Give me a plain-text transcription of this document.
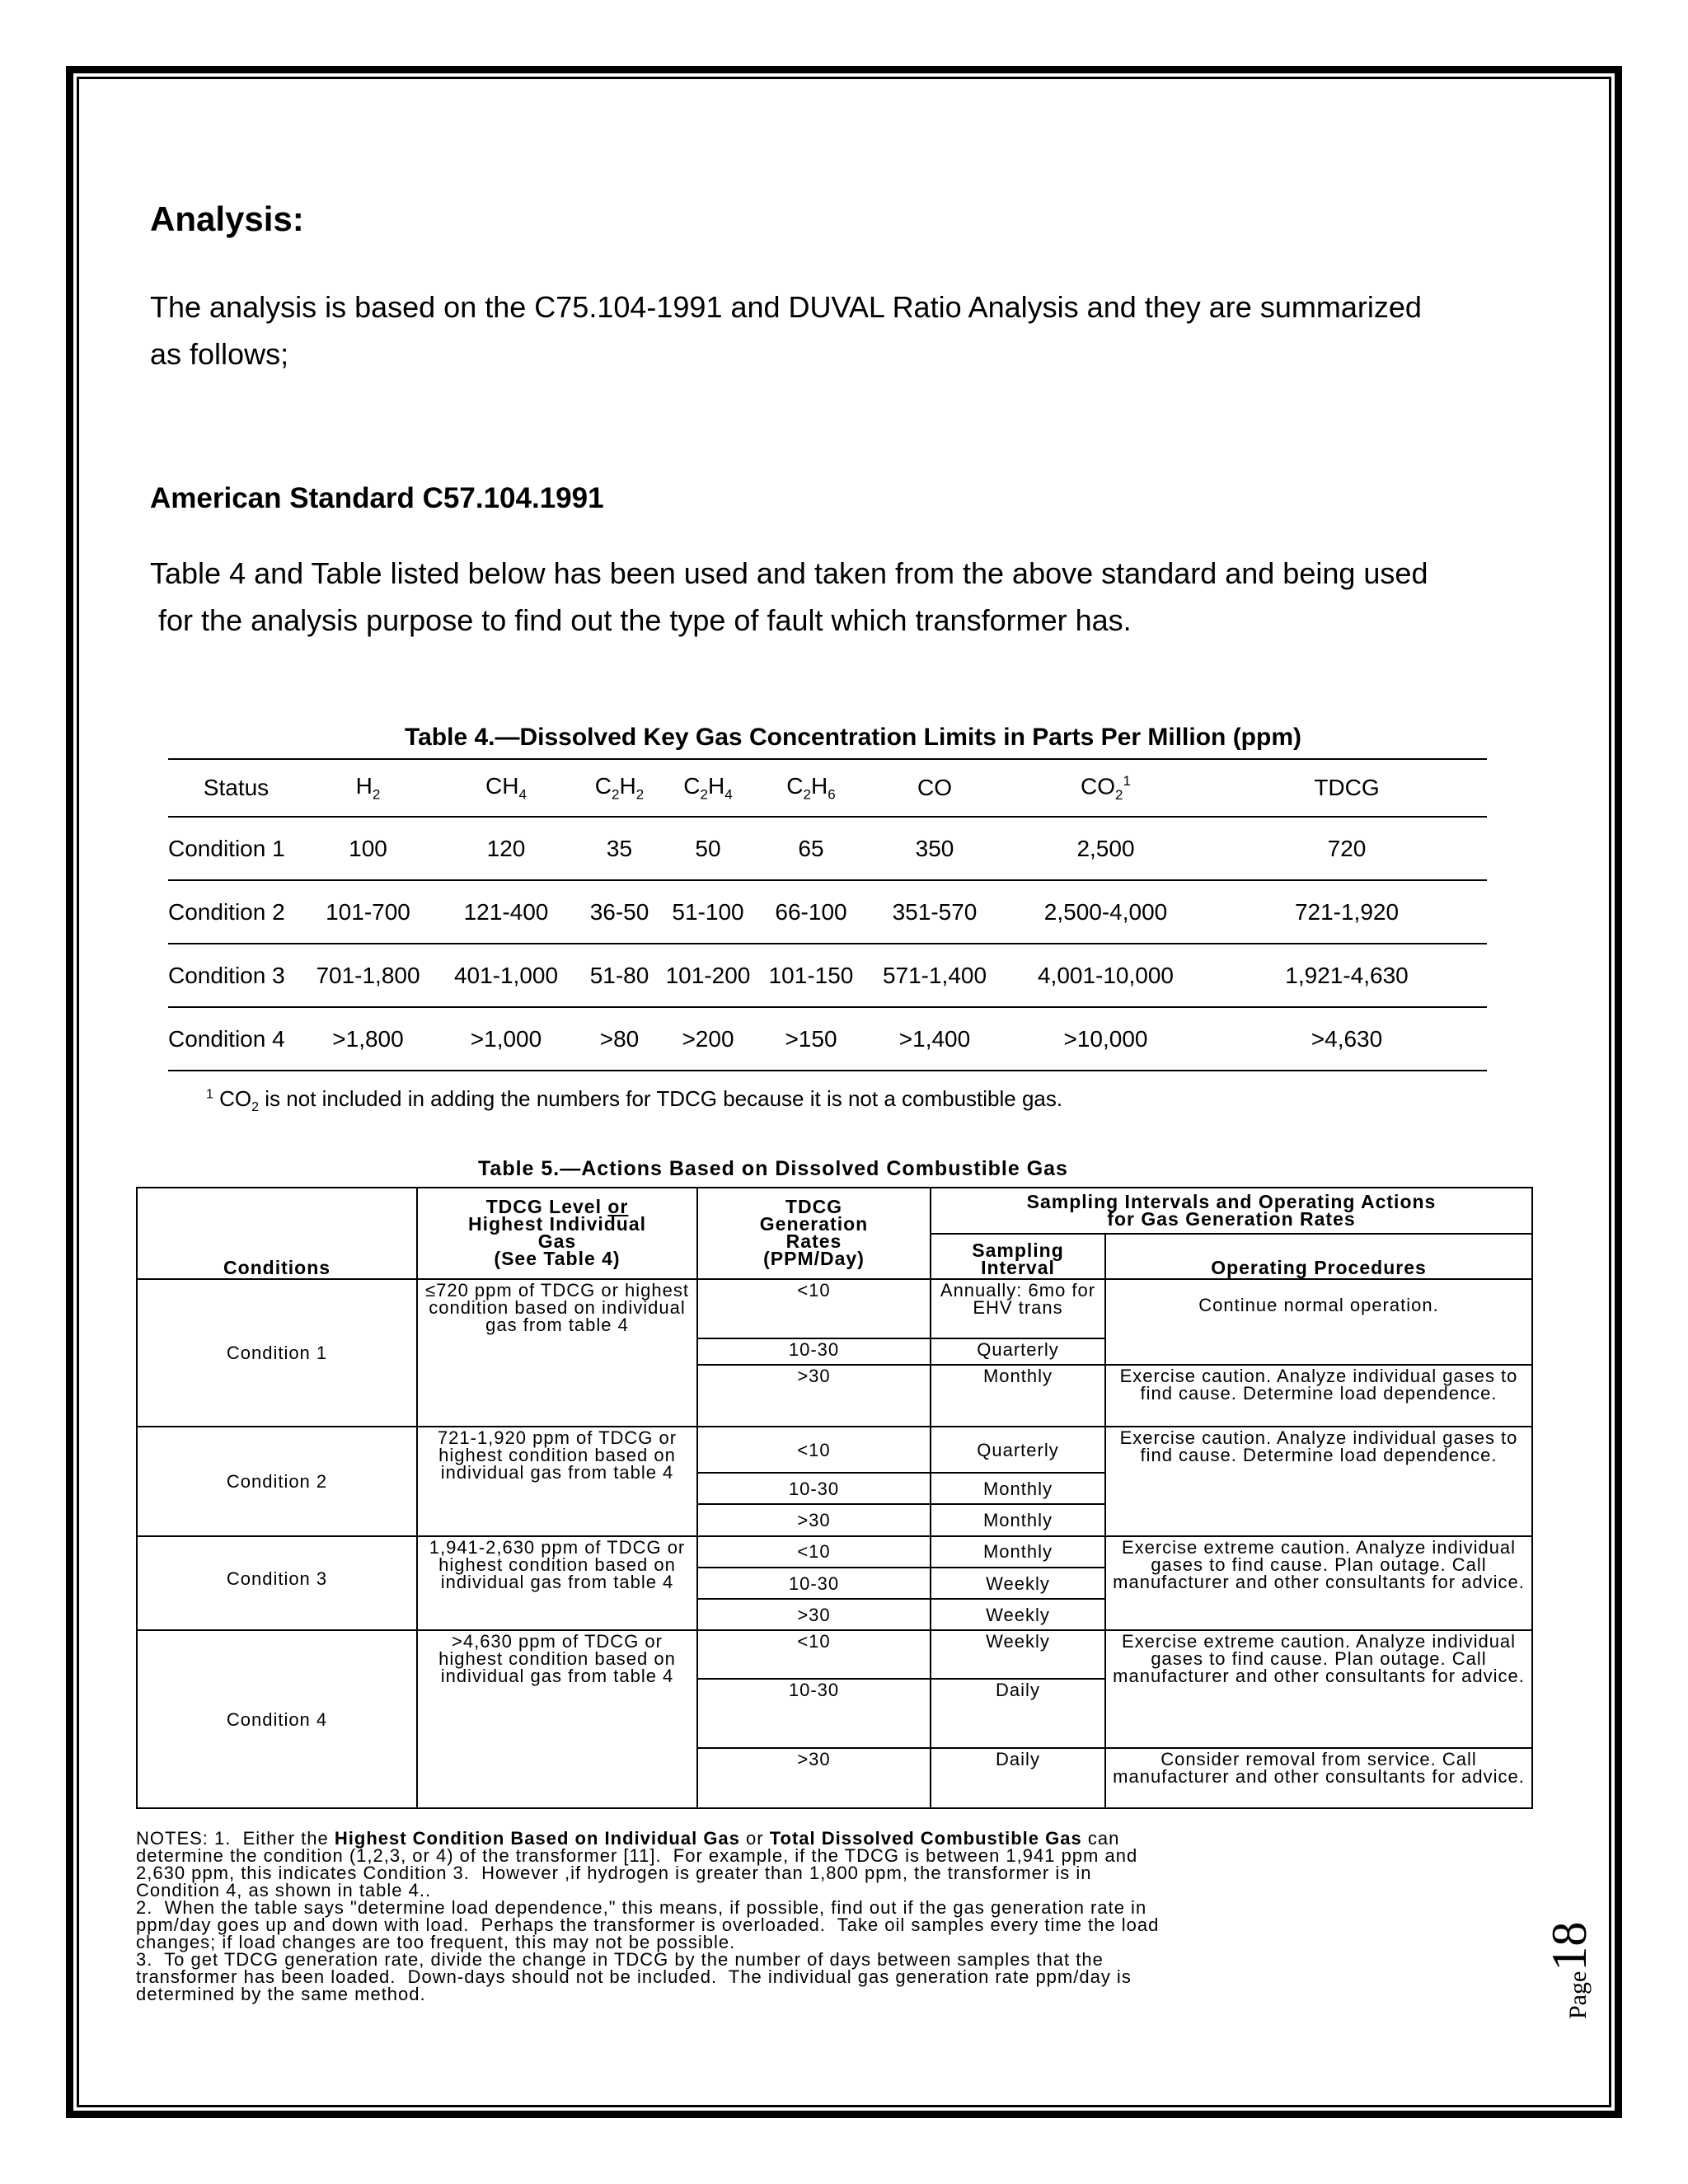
Analysis:
The analysis is based on the C75.104-1991 and DUVAL Ratio Analysis and they are summarized
as follows;
American Standard C57.104.1991
Table 4 and Table listed below has been used and taken from the above standard and being used
for the analysis purpose to find out the type of fault which transformer has.
Table 4.—Dissolved Key Gas Concentration Limits in Parts Per Million (ppm)
Status	$H_2$	$CH_4$	$C_2H_2$	$C_2H_4$	$C_2H_6$	CO	$CO_2^1$	TDCG
Condition 1	100	120	35	50	65	350	2,500	720
Condition 2	101-700	121-400	36-50	51-100	66-100	351-570	2,500-4,000	721-1,920
Condition 3	701-1,800	401-1,000	51-80	101-200	101-150	571-1,400	4,001-10,000	1,921-4,630
Condition 4	>1,800	>1,000	>80	>200	>150	>1,400	>10,000	>4,630
$^1$ $CO_2$ is not included in adding the numbers for TDCG because it is not a combustible gas.
Table 5.—Actions Based on Dissolved Combustible Gas
Conditions	TDCG Level or
Highest Individual
Gas
(See Table 4)	TDCG
Generation
Rates
(PPM/Day)	Sampling Intervals and Operating Actions
for Gas Generation Rates	
			Sampling
Interval	Operating Procedures
Condition 1	≤720 ppm of TDCG or highest condition based on individual gas from table 4	<10	Annually: 6mo for EHV trans	Continue normal operation.
		10-30	Quarterly	
		>30	Monthly	Exercise caution. Analyze individual gases to find cause. Determine load dependence.
Condition 2	721-1,920 ppm of TDCG or highest condition based on individual gas from table 4	<10	Quarterly	Exercise caution. Analyze individual gases to find cause. Determine load dependence.
		10-30	Monthly	
		>30	Monthly	
Condition 3	1,941-2,630 ppm of TDCG or highest condition based on individual gas from table 4	<10	Monthly	Exercise extreme caution. Analyze individual gases to find cause. Plan outage. Call manufacturer and other consultants for advice.
		10-30	Weekly	
		>30	Weekly	
Condition 4	>4,630 ppm of TDCG or highest condition based on individual gas from table 4	<10	Weekly	Exercise extreme caution. Analyze individual gases to find cause. Plan outage. Call manufacturer and other consultants for advice.
		10-30	Daily	
		>30	Daily	Consider removal from service. Call manufacturer and other consultants for advice.
NOTES: 1.  Either the Highest Condition Based on Individual Gas or Total Dissolved Combustible Gas can
determine the condition (1,2,3, or 4) of the transformer [11].  For example, if the TDCG is between 1,941 ppm and
2,630 ppm, this indicates Condition 3.  However ,if hydrogen is greater than 1,800 ppm, the transformer is in
Condition 4, as shown in table 4..
2.  When the table says "determine load dependence," this means, if possible, find out if the gas generation rate in
ppm/day goes up and down with load.  Perhaps the transformer is overloaded.  Take oil samples every time the load
changes; if load changes are too frequent, this may not be possible.
3.  To get TDCG generation rate, divide the change in TDCG by the number of days between samples that the
transformer has been loaded.  Down-days should not be included.  The individual gas generation rate ppm/day is
determined by the same method.	Page18
